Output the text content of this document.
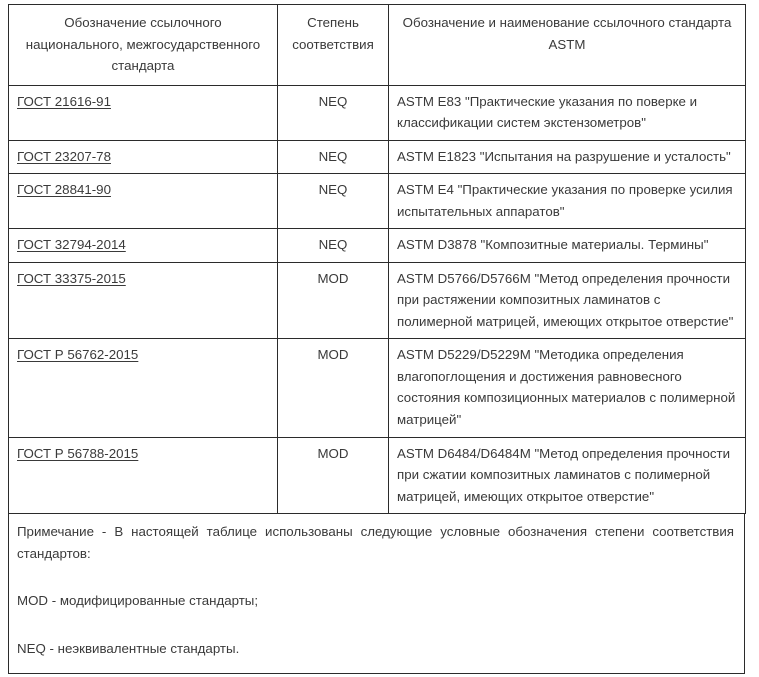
Обозначение ссылочного национального, межгосударственного стандарта	Степень соответствия	Обозначение и наименование ссылочного стандарта ASTM
ГОСТ 21616-91	NEQ	ASTM E83 "Практические указания по поверке и классификации систем экстензометров"
ГОСТ 23207-78	NEQ	ASTM E1823 "Испытания на разрушение и усталость"
ГОСТ 28841-90	NEQ	ASTM E4 "Практические указания по проверке усилия испытательных аппаратов"
ГОСТ 32794-2014	NEQ	ASTM D3878 "Композитные материалы. Термины"
ГОСТ 33375-2015	MOD	ASTM D5766/D5766M "Метод определения прочности при растяжении композитных ламинатов с полимерной матрицей, имеющих открытое отверстие"
ГОСТ Р 56762-2015	MOD	ASTM D5229/D5229M "Методика определения влагопоглощения и достижения равновесного состояния композиционных материалов с полимерной матрицей"
ГОСТ Р 56788-2015	MOD	ASTM D6484/D6484M "Метод определения прочности при сжатии композитных ламинатов с полимерной матрицей, имеющих открытое отверстие"

Примечание - В настоящей таблице использованы следующие условные обозначения степени соответствия стандартов:

MOD - модифицированные стандарты;

NEQ - неэквивалентные стандарты.
